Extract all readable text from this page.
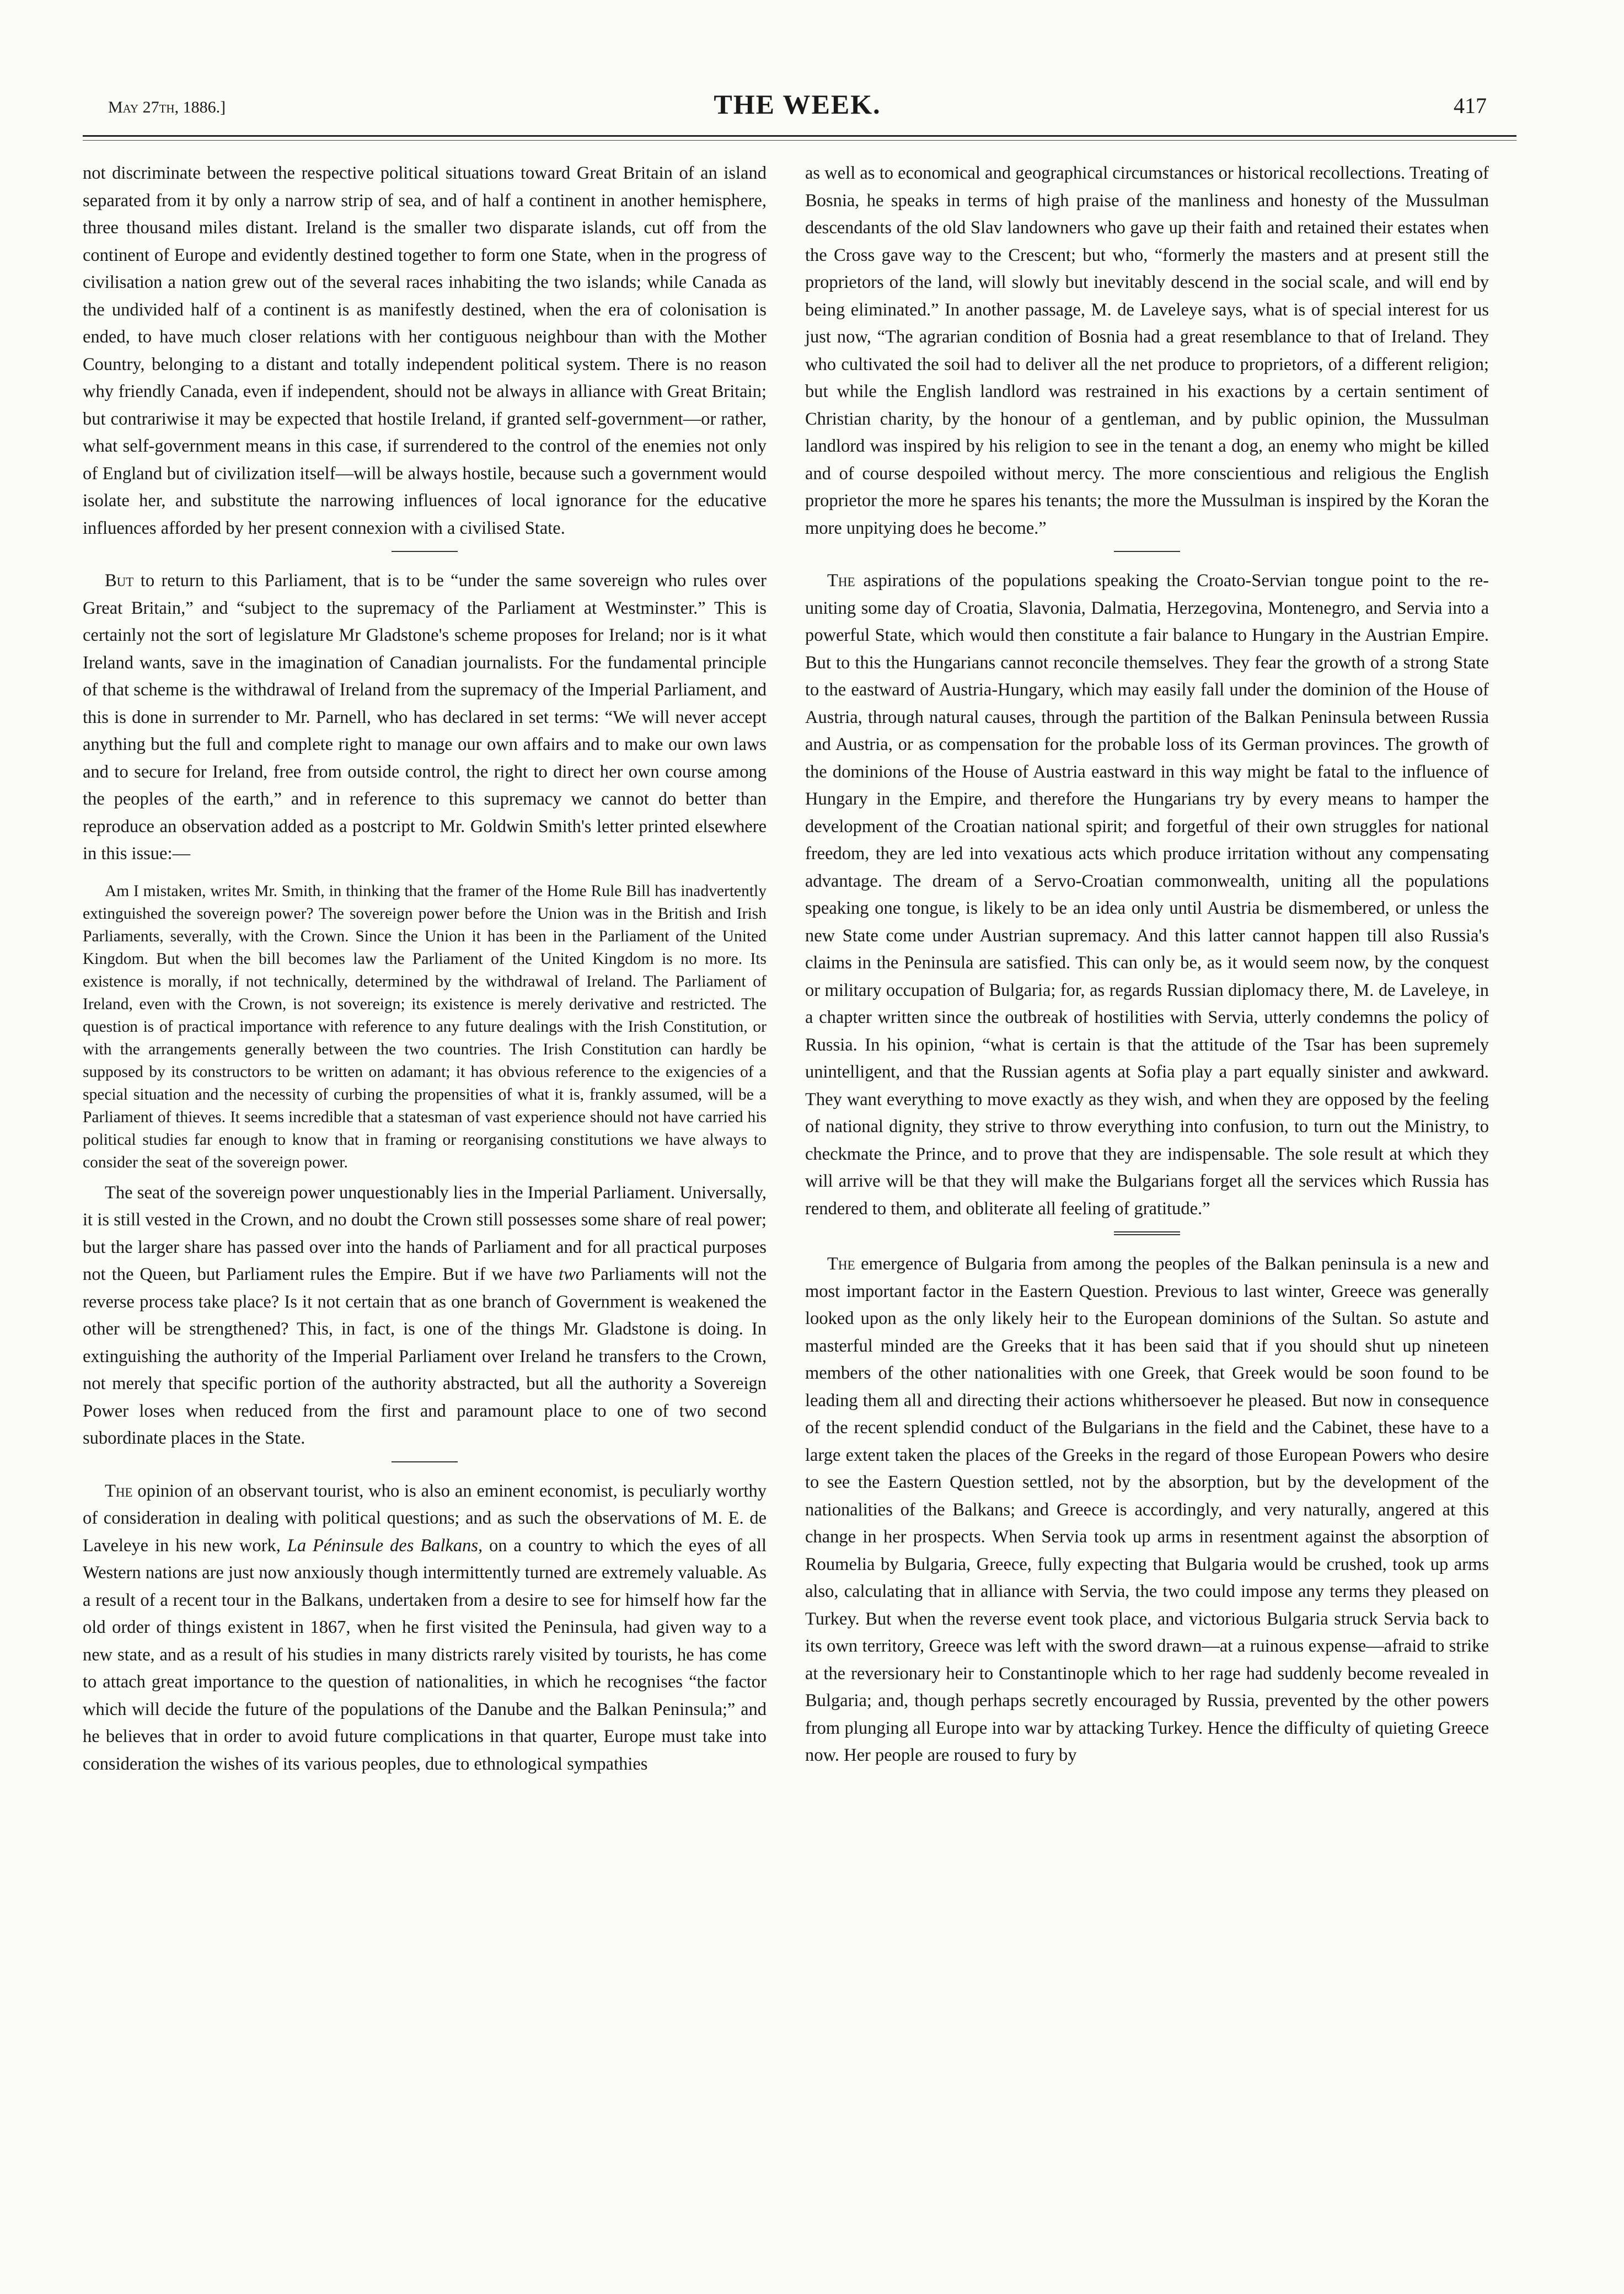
May 27th, 1886.]	THE WEEK.	417

not discriminate between the respective political situations toward Great Britain of an island separated from it by only a narrow strip of sea, and of half a continent in another hemisphere, three thousand miles distant. Ireland is the smaller two disparate islands, cut off from the continent of Europe and evidently destined together to form one State, when in the progress of civilisation a nation grew out of the several races inhabiting the two islands; while Canada as the undivided half of a continent is as manifestly destined, when the era of colonisation is ended, to have much closer relations with her contiguous neighbour than with the Mother Country, belonging to a distant and totally independent political system. There is no reason why friendly Canada, even if independent, should not be always in alliance with Great Britain; but contrariwise it may be expected that hostile Ireland, if granted self-government—or rather, what self-government means in this case, if surrendered to the control of the enemies not only of England but of civilization itself—will be always hostile, because such a government would isolate her, and substitute the narrowing influences of local ignorance for the educative influences afforded by her present connexion with a civilised State.

But to return to this Parliament, that is to be “under the same sovereign who rules over Great Britain,” and “subject to the supremacy of the Parliament at Westminster.” This is certainly not the sort of legislature Mr Gladstone's scheme proposes for Ireland; nor is it what Ireland wants, save in the imagination of Canadian journalists. For the fundamental principle of that scheme is the withdrawal of Ireland from the supremacy of the Imperial Parliament, and this is done in surrender to Mr. Parnell, who has declared in set terms: “We will never accept anything but the full and complete right to manage our own affairs and to make our own laws and to secure for Ireland, free from outside control, the right to direct her own course among the peoples of the earth,” and in reference to this supremacy we cannot do better than reproduce an observation added as a postcript to Mr. Goldwin Smith's letter printed elsewhere in this issue:—

Am I mistaken, writes Mr. Smith, in thinking that the framer of the Home Rule Bill has inadvertently extinguished the sovereign power? The sovereign power before the Union was in the British and Irish Parliaments, severally, with the Crown. Since the Union it has been in the Parliament of the United Kingdom. But when the bill becomes law the Parliament of the United Kingdom is no more. Its existence is morally, if not technically, determined by the withdrawal of Ireland. The Parliament of Ireland, even with the Crown, is not sovereign; its existence is merely derivative and restricted. The question is of practical importance with reference to any future dealings with the Irish Constitution, or with the arrangements generally between the two countries. The Irish Constitution can hardly be supposed by its constructors to be written on adamant; it has obvious reference to the exigencies of a special situation and the necessity of curbing the propensities of what it is, frankly assumed, will be a Parliament of thieves. It seems incredible that a statesman of vast experience should not have carried his political studies far enough to know that in framing or reorganising constitutions we have always to consider the seat of the sovereign power.

The seat of the sovereign power unquestionably lies in the Imperial Parliament. Universally, it is still vested in the Crown, and no doubt the Crown still possesses some share of real power; but the larger share has passed over into the hands of Parliament and for all practical purposes not the Queen, but Parliament rules the Empire. But if we have two Parliaments will not the reverse process take place? Is it not certain that as one branch of Government is weakened the other will be strengthened? This, in fact, is one of the things Mr. Gladstone is doing. In extinguishing the authority of the Imperial Parliament over Ireland he transfers to the Crown, not merely that specific portion of the authority abstracted, but all the authority a Sovereign Power loses when reduced from the first and paramount place to one of two second subordinate places in the State.

The opinion of an observant tourist, who is also an eminent economist, is peculiarly worthy of consideration in dealing with political questions; and as such the observations of M. E. de Laveleye in his new work, La Péninsule des Balkans, on a country to which the eyes of all Western nations are just now anxiously though intermittently turned are extremely valuable. As a result of a recent tour in the Balkans, undertaken from a desire to see for himself how far the old order of things existent in 1867, when he first visited the Peninsula, had given way to a new state, and as a result of his studies in many districts rarely visited by tourists, he has come to attach great importance to the question of nationalities, in which he recognises “the factor which will decide the future of the populations of the Danube and the Balkan Peninsula;” and he believes that in order to avoid future complications in that quarter, Europe must take into consideration the wishes of its various peoples, due to ethnological sympathies

as well as to economical and geographical circumstances or historical recollections. Treating of Bosnia, he speaks in terms of high praise of the manliness and honesty of the Mussulman descendants of the old Slav landowners who gave up their faith and retained their estates when the Cross gave way to the Crescent; but who, “formerly the masters and at present still the proprietors of the land, will slowly but inevitably descend in the social scale, and will end by being eliminated.” In another passage, M. de Laveleye says, what is of special interest for us just now, “The agrarian condition of Bosnia had a great resemblance to that of Ireland. They who cultivated the soil had to deliver all the net produce to proprietors, of a different religion; but while the English landlord was restrained in his exactions by a certain sentiment of Christian charity, by the honour of a gentleman, and by public opinion, the Mussulman landlord was inspired by his religion to see in the tenant a dog, an enemy who might be killed and of course despoiled without mercy. The more conscientious and religious the English proprietor the more he spares his tenants; the more the Mussulman is inspired by the Koran the more unpitying does he become.”

The aspirations of the populations speaking the Croato-Servian tongue point to the re-uniting some day of Croatia, Slavonia, Dalmatia, Herzegovina, Montenegro, and Servia into a powerful State, which would then constitute a fair balance to Hungary in the Austrian Empire. But to this the Hungarians cannot reconcile themselves. They fear the growth of a strong State to the eastward of Austria-Hungary, which may easily fall under the dominion of the House of Austria, through natural causes, through the partition of the Balkan Peninsula between Russia and Austria, or as compensation for the probable loss of its German provinces. The growth of the dominions of the House of Austria eastward in this way might be fatal to the influence of Hungary in the Empire, and therefore the Hungarians try by every means to hamper the development of the Croatian national spirit; and forgetful of their own struggles for national freedom, they are led into vexatious acts which produce irritation without any compensating advantage. The dream of a Servo-Croatian commonwealth, uniting all the populations speaking one tongue, is likely to be an idea only until Austria be dismembered, or unless the new State come under Austrian supremacy. And this latter cannot happen till also Russia's claims in the Peninsula are satisfied. This can only be, as it would seem now, by the conquest or military occupation of Bulgaria; for, as regards Russian diplomacy there, M. de Laveleye, in a chapter written since the outbreak of hostilities with Servia, utterly condemns the policy of Russia. In his opinion, “what is certain is that the attitude of the Tsar has been supremely unintelligent, and that the Russian agents at Sofia play a part equally sinister and awkward. They want everything to move exactly as they wish, and when they are opposed by the feeling of national dignity, they strive to throw everything into confusion, to turn out the Ministry, to checkmate the Prince, and to prove that they are indispensable. The sole result at which they will arrive will be that they will make the Bulgarians forget all the services which Russia has rendered to them, and obliterate all feeling of gratitude.”

The emergence of Bulgaria from among the peoples of the Balkan peninsula is a new and most important factor in the Eastern Question. Previous to last winter, Greece was generally looked upon as the only likely heir to the European dominions of the Sultan. So astute and masterful minded are the Greeks that it has been said that if you should shut up nineteen members of the other nationalities with one Greek, that Greek would be soon found to be leading them all and directing their actions whithersoever he pleased. But now in consequence of the recent splendid conduct of the Bulgarians in the field and the Cabinet, these have to a large extent taken the places of the Greeks in the regard of those European Powers who desire to see the Eastern Question settled, not by the absorption, but by the development of the nationalities of the Balkans; and Greece is accordingly, and very naturally, angered at this change in her prospects. When Servia took up arms in resentment against the absorption of Roumelia by Bulgaria, Greece, fully expecting that Bulgaria would be crushed, took up arms also, calculating that in alliance with Servia, the two could impose any terms they pleased on Turkey. But when the reverse event took place, and victorious Bulgaria struck Servia back to its own territory, Greece was left with the sword drawn—at a ruinous expense—afraid to strike at the reversionary heir to Constantinople which to her rage had suddenly become revealed in Bulgaria; and, though perhaps secretly encouraged by Russia, prevented by the other powers from plunging all Europe into war by attacking Turkey. Hence the difficulty of quieting Greece now. Her people are roused to fury by
